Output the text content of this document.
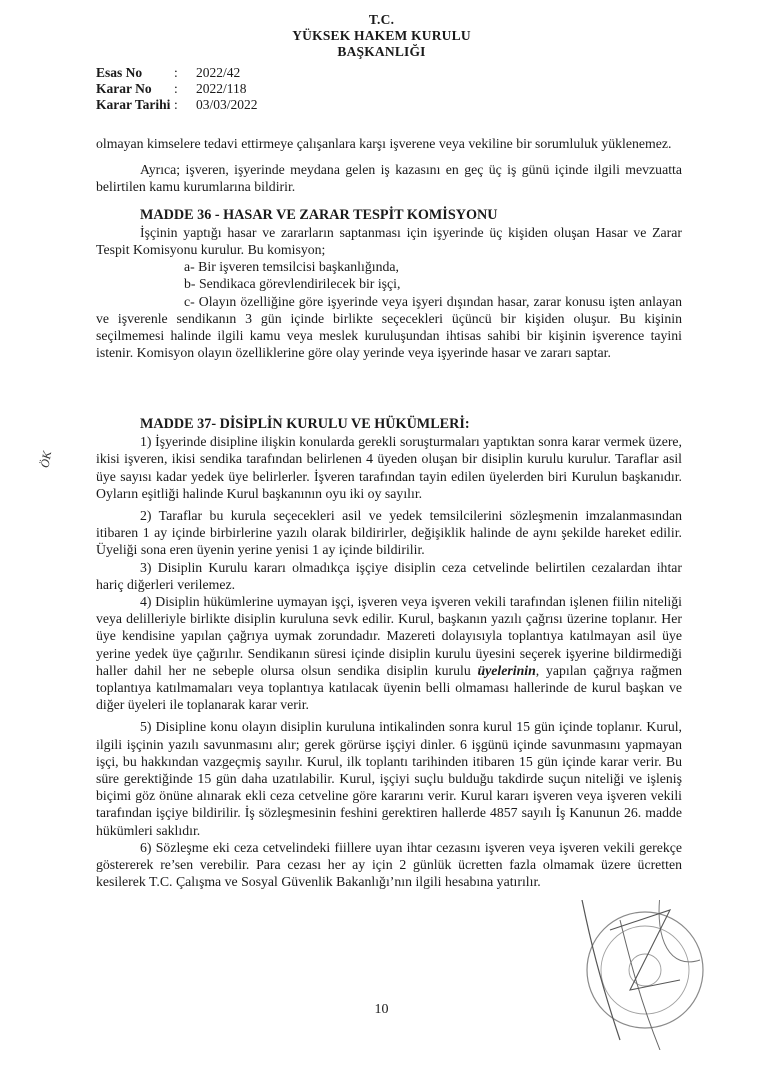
T.C.
YÜKSEK HAKEM KURULU
BAŞKANLIĞI
Esas No	:	2022/42
Karar No	:	2022/118
Karar Tarihi :	03/03/2022

olmayan kimselere tedavi ettirmeye çalışanlara karşı işverene veya vekiline bir sorumluluk yüklenemez.

Ayrıca; işveren, işyerinde meydana gelen iş kazasını en geç üç iş günü içinde ilgili mevzuatta belirtilen kamu kurumlarına bildirir.

MADDE 36 - HASAR VE ZARAR TESPİT KOMİSYONU

İşçinin yaptığı hasar ve zararların saptanması için işyerinde üç kişiden oluşan Hasar ve Zarar Tespit Komisyonu kurulur. Bu komisyon;

a- Bir işveren temsilcisi başkanlığında,

b- Sendikaca görevlendirilecek bir işçi,

c- Olayın özelliğine göre işyerinde veya işyeri dışından hasar, zarar konusu işten anlayan ve işverenle sendikanın 3 gün içinde birlikte seçecekleri üçüncü bir kişiden oluşur. Bu kişinin seçilmemesi halinde ilgili kamu veya meslek kuruluşundan ihtisas sahibi bir kişinin işverence tayini istenir. Komisyon olayın özelliklerine göre olay yerinde veya işyerinde hasar ve zararı saptar.

MADDE 37- DİSİPLİN KURULU VE HÜKÜMLERİ:

1) İşyerinde disipline ilişkin konularda gerekli soruşturmaları yaptıktan sonra karar vermek üzere, ikisi işveren, ikisi sendika tarafından belirlenen 4 üyeden oluşan bir disiplin kurulu kurulur. Taraflar asil üye sayısı kadar yedek üye belirlerler. İşveren tarafından tayin edilen üyelerden biri Kurulun başkanıdır. Oyların eşitliği halinde Kurul başkanının oyu iki oy sayılır.

2) Taraflar bu kurula seçecekleri asil ve yedek temsilcilerini sözleşmenin imzalanmasından itibaren 1 ay içinde birbirlerine yazılı olarak bildirirler, değişiklik halinde de aynı şekilde hareket edilir. Üyeliği sona eren üyenin yerine yenisi 1 ay içinde bildirilir.

3) Disiplin Kurulu kararı olmadıkça işçiye disiplin ceza cetvelinde belirtilen cezalardan ihtar hariç diğerleri verilemez.

4) Disiplin hükümlerine uymayan işçi, işveren veya işveren vekili tarafından işlenen fiilin niteliği veya delilleriyle birlikte disiplin kuruluna sevk edilir. Kurul, başkanın yazılı çağrısı üzerine toplanır. Her üye kendisine yapılan çağrıya uymak zorundadır. Mazereti dolayısıyla toplantıya katılmayan asil üye yerine yedek üye çağırılır. Sendikanın süresi içinde disiplin kurulu üyesini seçerek işyerine bildirmediği haller dahil her ne sebeple olursa olsun sendika disiplin kurulu üyelerinin, yapılan çağrıya rağmen toplantıya katılmamaları veya toplantıya katılacak üyenin belli olmaması hallerinde de kurul başkan ve diğer üyeleri ile toplanarak karar verir.

5) Disipline konu olayın disiplin kuruluna intikalinden sonra kurul 15 gün içinde toplanır. Kurul, ilgili işçinin yazılı savunmasını alır; gerek görürse işçiyi dinler. 6 işgünü içinde savunmasını yapmayan işçi, bu hakkından vazgeçmiş sayılır. Kurul, ilk toplantı tarihinden itibaren 15 gün içinde karar verir. Bu süre gerektiğinde 15 gün daha uzatılabilir. Kurul, işçiyi suçlu bulduğu takdirde suçun niteliği ve işleniş biçimi göz önüne alınarak ekli ceza cetveline göre kararını verir. Kurul kararı işveren veya işveren vekili tarafından işçiye bildirilir. İş sözleşmesinin feshini gerektiren hallerde 4857 sayılı İş Kanunun 26. madde hükümleri saklıdır.

6) Sözleşme eki ceza cetvelindeki fiillere uyan ihtar cezasını işveren veya işveren vekili gerekçe göstererek re’sen verebilir. Para cezası her ay için 2 günlük ücretten fazla olmamak üzere ücretten kesilerek T.C. Çalışma ve Sosyal Güvenlik Bakanlığı’nın ilgili hesabına yatırılır.

ÖK
10
